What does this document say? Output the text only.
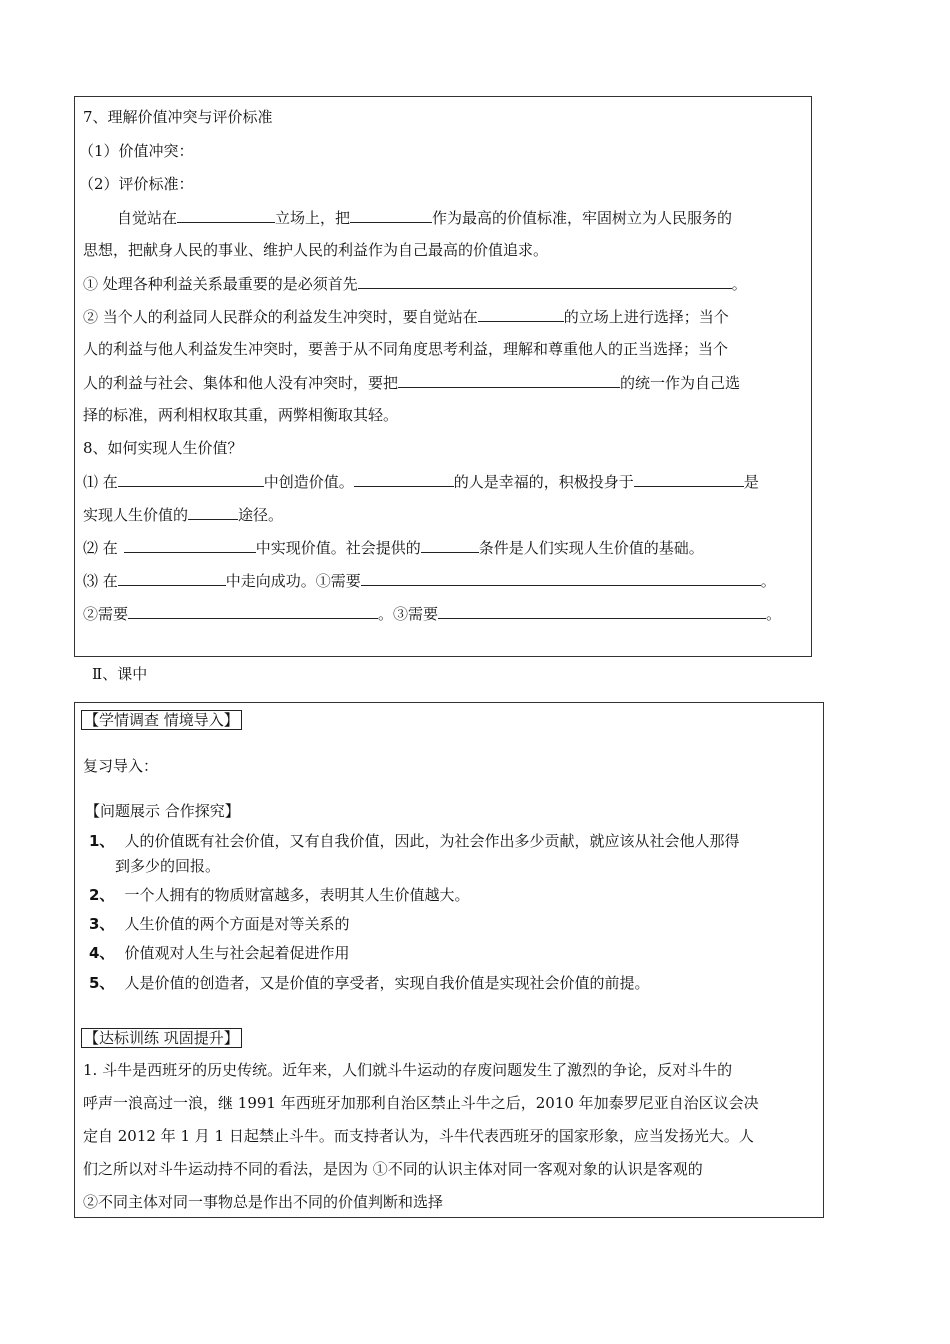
7、理解价值冲突与评价标准
（1）价值冲突：
（2）评价标准：
自觉站在	立场上，把	作为最高的价值标准，牢固树立为人民服务的
思想，把献身人民的事业、维护人民的利益作为自己最高的价值追求。
① 处理各种利益关系最重要的是必须首先	。
② 当个人的利益同人民群众的利益发生冲突时，要自觉站在	的立场上进行选择；当个
人的利益与他人利益发生冲突时，要善于从不同角度思考利益，理解和尊重他人的正当选择；当个
人的利益与社会、集体和他人没有冲突时，要把	的统一作为自己选
择的标准，两利相权取其重，两弊相衡取其轻。
8、如何实现人生价值？
⑴ 在	中创造价值。	的人是幸福的，积极投身于	是
实现人生价值的	途径。
⑵ 在	中实现价值。社会提供的	条件是人们实现人生价值的基础。
⑶ 在	中走向成功。①需要	。
②需要	。③需要	。
Ⅱ、课中
【学情调查 情境导入】
复习导入：
【问题展示 合作探究】
1、 人的价值既有社会价值，又有自我价值，因此，为社会作出多少贡献，就应该从社会他人那得
到多少的回报。
2、 一个人拥有的物质财富越多，表明其人生价值越大。
3、 人生价值的两个方面是对等关系的
4、 价值观对人生与社会起着促进作用
5、 人是价值的创造者，又是价值的享受者，实现自我价值是实现社会价值的前提。
【达标训练 巩固提升】
1. 斗牛是西班牙的历史传统。近年来，人们就斗牛运动的存废问题发生了激烈的争论，反对斗牛的
呼声一浪高过一浪，继 1991 年西班牙加那利自治区禁止斗牛之后，2010 年加泰罗尼亚自治区议会决
定自 2012 年 1 月 1 日起禁止斗牛。而支持者认为，斗牛代表西班牙的国家形象，应当发扬光大。人
们之所以对斗牛运动持不同的看法，是因为 ①不同的认识主体对同一客观对象的认识是客观的
②不同主体对同一事物总是作出不同的价值判断和选择
